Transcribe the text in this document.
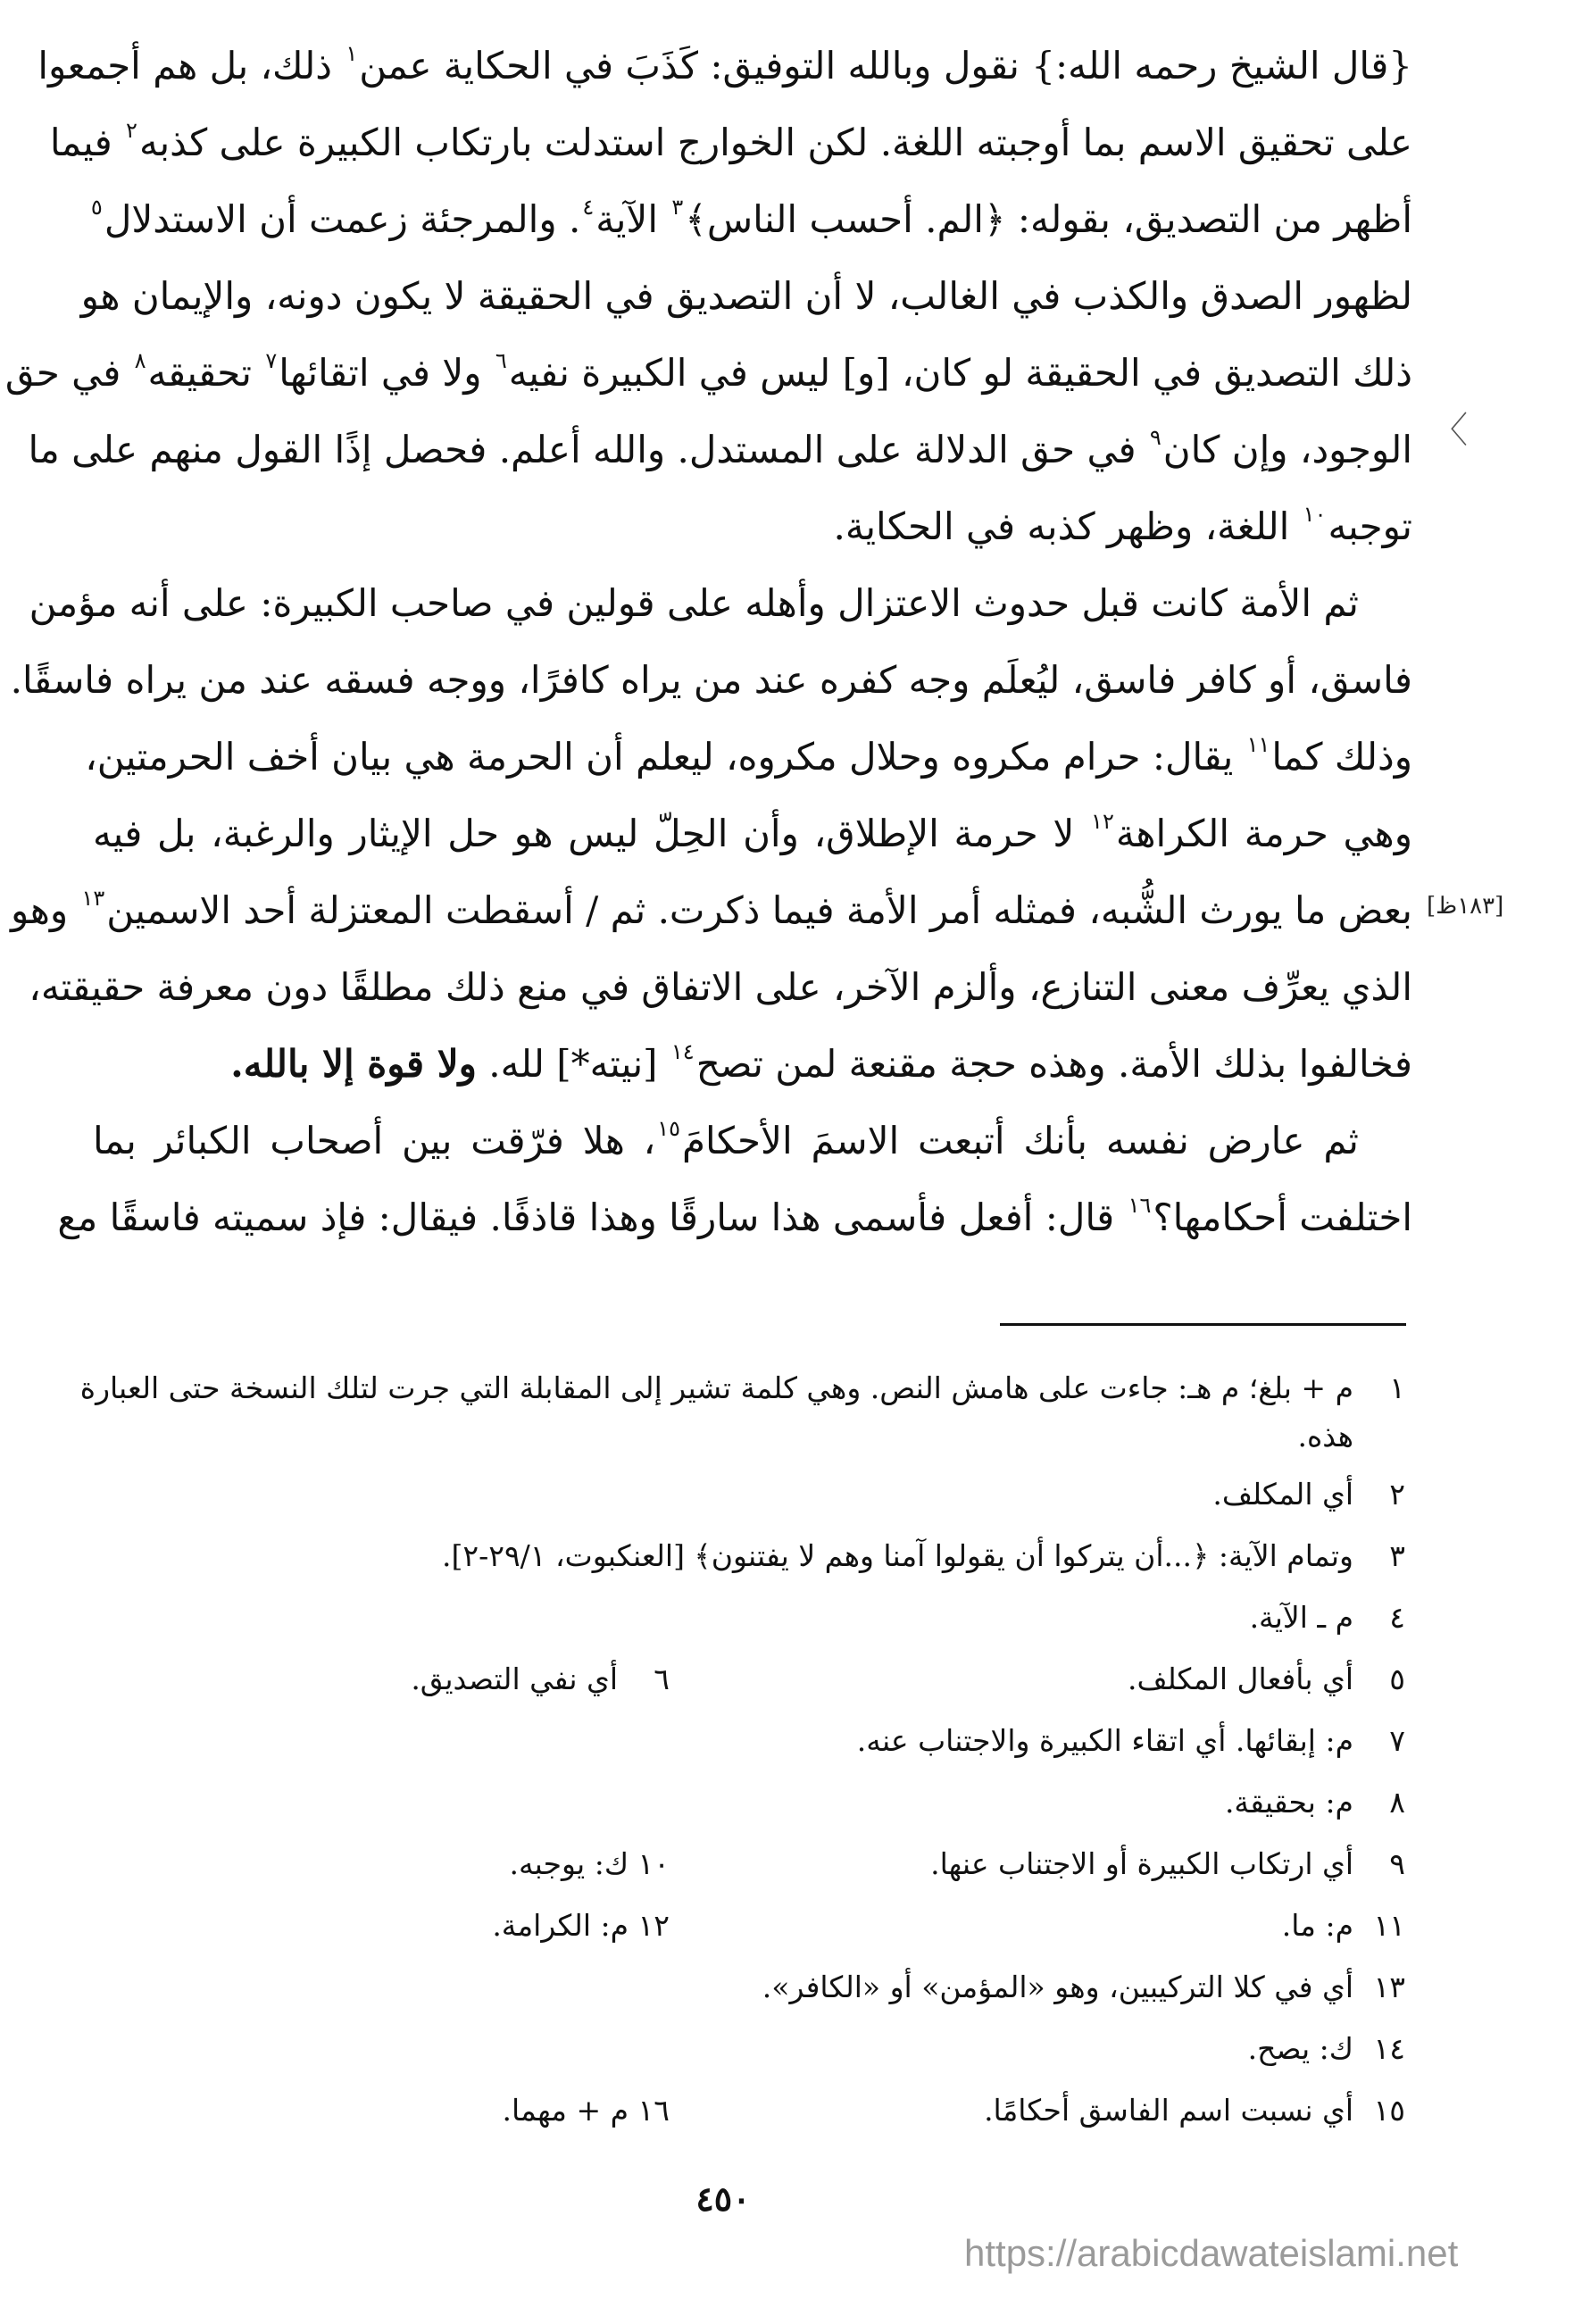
{قال الشيخ رحمه الله:} نقول وبالله التوفيق: كَذَبَ في الحكاية عمن$^١$ ذلك، بل هم أجمعوا
على تحقيق الاسم بما أوجبته اللغة. لكن الخوارج استدلت بارتكاب الكبيرة على كذبه$^٢$ فيما
أظهر من التصديق، بقوله: ﴿الم. أحسب الناس﴾$^٣$ الآية$^٤$. والمرجئة زعمت أن الاستدلال$^٥$
لظهور الصدق والكذب في الغالب، لا أن التصديق في الحقيقة لا يكون دونه، والإيمان هو
ذلك التصديق في الحقيقة لو كان، [و] ليس في الكبيرة نفيه$^٦$ ولا في اتقائها$^٧$ تحقيقه$^٨$ في حق
الوجود، وإن كان$^٩$ في حق الدلالة على المستدل. والله أعلم. فحصل إذًا القول منهم على ما
توجبه$^{١٠}$ اللغة، وظهر كذبه في الحكاية.
ثم الأمة كانت قبل حدوث الاعتزال وأهله على قولين في صاحب الكبيرة: على أنه مؤمن
فاسق، أو كافر فاسق، ليُعلَم وجه كفره عند من يراه كافرًا، ووجه فسقه عند من يراه فاسقًا.
وذلك كما$^{١١}$ يقال: حرام مكروه وحلال مكروه، ليعلم أن الحرمة هي بيان أخف الحرمتين،
وهي حرمة الكراهة$^{١٢}$ لا حرمة الإطلاق، وأن الحِلّ ليس هو حل الإيثار والرغبة، بل فيه
بعض ما يورث الشُّبه، فمثله أمر الأمة فيما ذكرت. ثم / أسقطت المعتزلة أحد الاسمين$^{١٣}$ وهو
الذي يعرِّف معنى التنازع، وألزم الآخر، على الاتفاق في منع ذلك مطلقًا دون معرفة حقيقته،
فخالفوا بذلك الأمة. وهذه حجة مقنعة لمن تصح$^{١٤}$ [نيته*] لله. ولا قوة إلا بالله.
ثم عارض نفسه بأنك أتبعت الاسمَ الأحكامَ$^{١٥}$، هلا فرّقت بين أصحاب الكبائر بما
اختلفت أحكامها؟$^{١٦}$ قال: أفعل فأسمى هذا سارقًا وهذا قاذفًا. فيقال: فإذ سميته فاسقًا مع
〈
[١٨٣ظ]
١م + بلغ؛ م هـ: جاءت على هامش النص. وهي كلمة تشير إلى المقابلة التي جرت لتلك النسخة حتى العبارة
هذه.
٢أي المكلف.
٣وتمام الآية: ﴿...أن يتركوا أن يقولوا آمنا وهم لا يفتنون﴾ [العنكبوت، ٢٩/١-٢].
٤م ـ الآية.
٥أي بأفعال المكلف.
٦أي نفي التصديق.
٧م: إبقائها. أي اتقاء الكبيرة والاجتناب عنه.
٨م: بحقيقة.
٩أي ارتكاب الكبيرة أو الاجتناب عنها.
١٠ ك: يوجبه.
١١م: ما.
١٢ م: الكرامة.
١٣أي في كلا التركيبين، وهو «المؤمن» أو «الكافر».
١٤ك: يصح.
١٥أي نسبت اسم الفاسق أحكامًا.
١٦ م + مهما.
٤٥٠
https://arabicdawateislami.net
